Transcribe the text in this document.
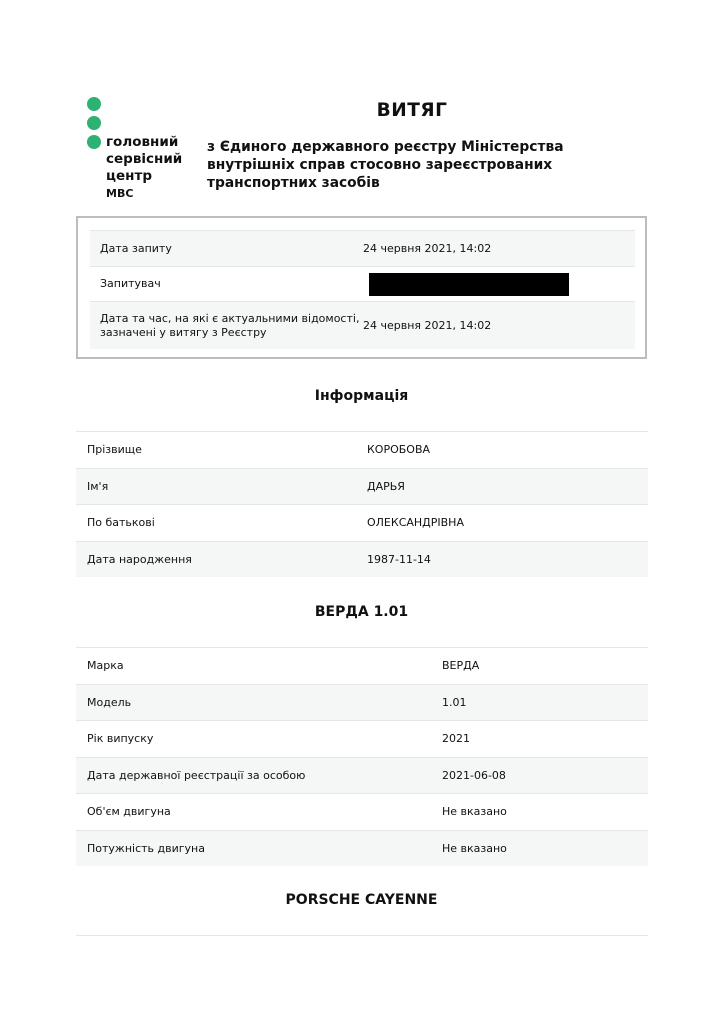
головний
сервісний
центр
МВС
ВИТЯГ
з Єдиного державного реєстру Міністерства внутрішніх справ стосовно зареєстрованих транспортних засобів
Дата запиту	24 червня 2021, 14:02
Запитувач
Дата та час, на які є актуальними відомості, зазначені у витягу з Реєстру	24 червня 2021, 14:02
Інформація
Прізвище	КОРОБОВА
Ім'я	ДАРЬЯ
По батькові	ОЛЕКСАНДРІВНА
Дата народження	1987-11-14
ВЕРДА 1.01
Марка	ВЕРДА
Модель	1.01
Рік випуску	2021
Дата державної реєстрації за особою	2021-06-08
Об'єм двигуна	Не вказано
Потужність двигуна	Не вказано
PORSCHE CAYENNE
